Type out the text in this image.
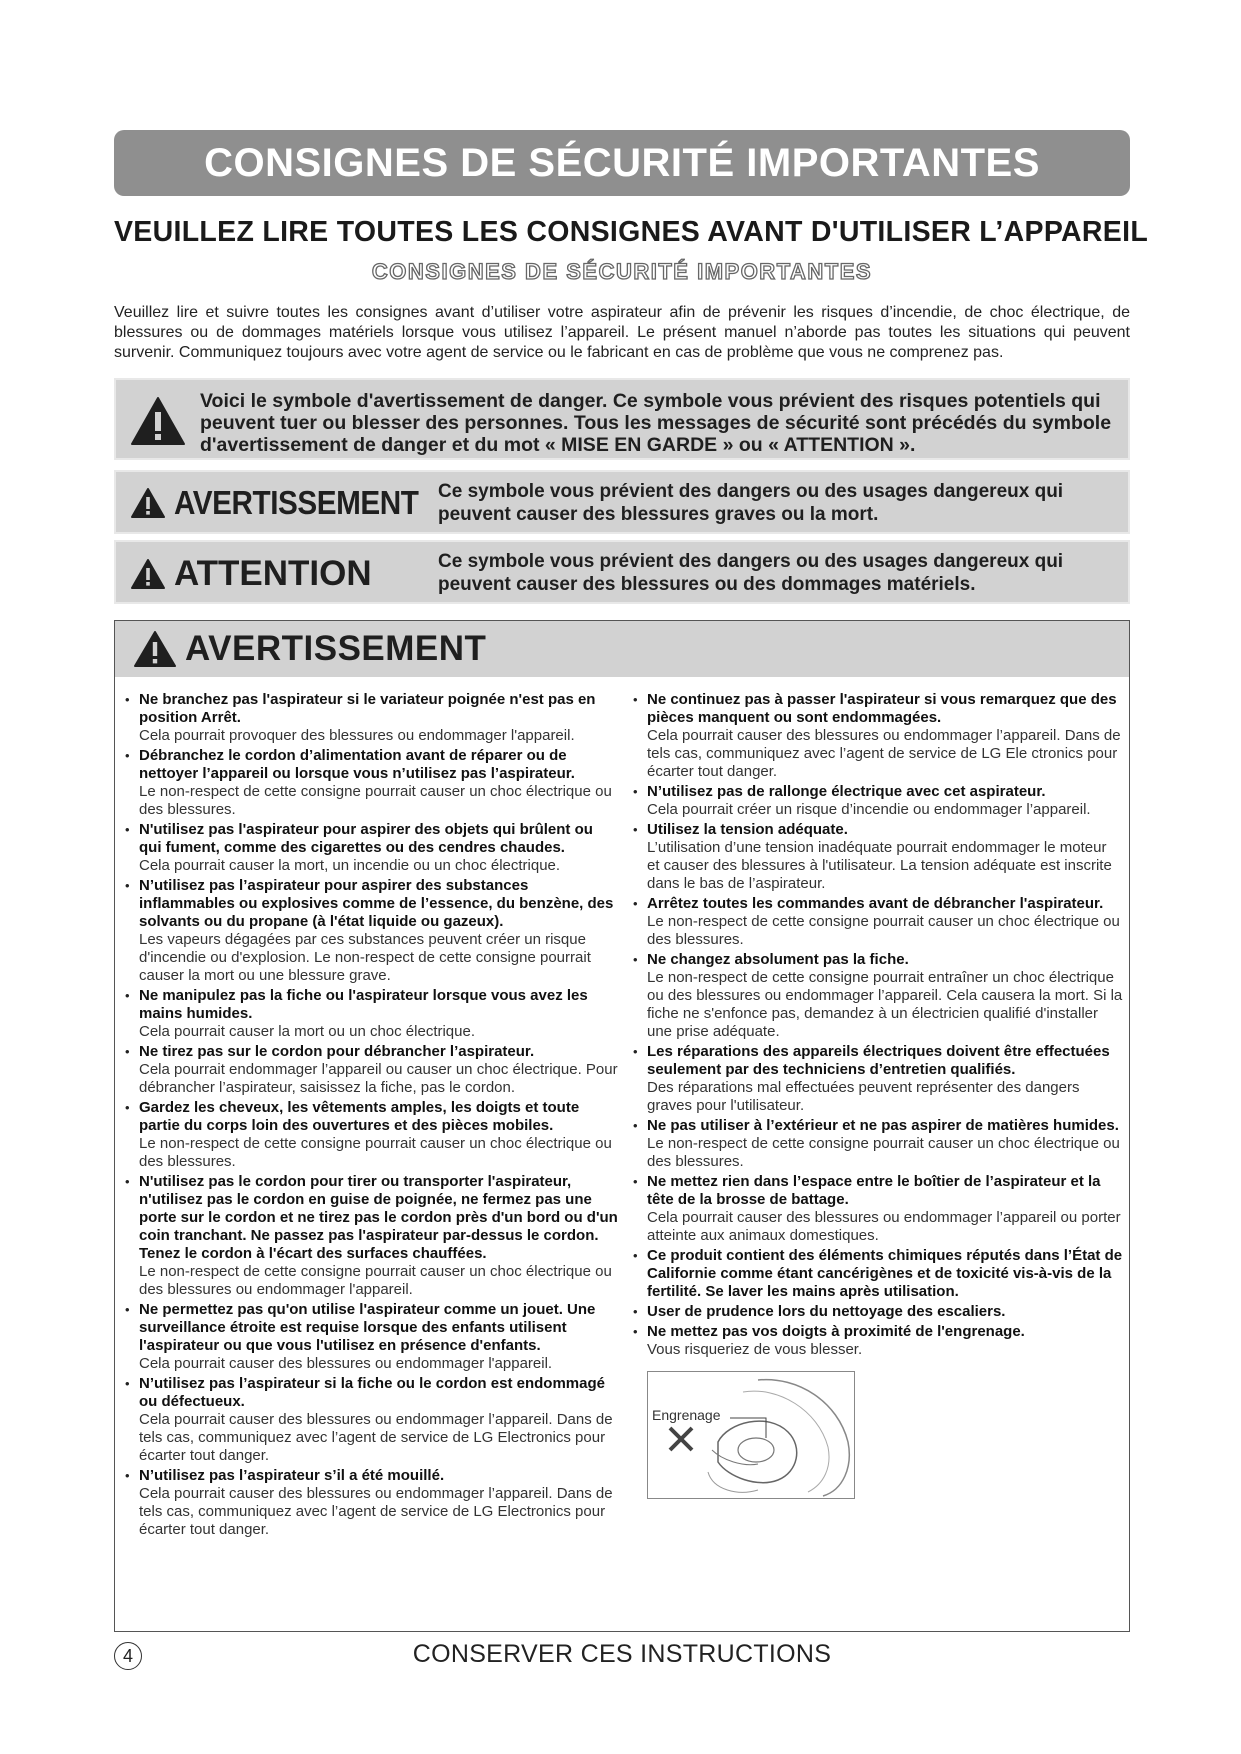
CONSIGNES DE SÉCURITÉ IMPORTANTES
VEUILLEZ LIRE TOUTES LES CONSIGNES AVANT D'UTILISER L’APPAREIL
CONSIGNES DE SÉCURITÉ IMPORTANTES
Veuillez lire et suivre toutes les consignes avant d’utiliser votre aspirateur afin de prévenir les risques d’incendie, de choc électrique, de blessures ou de dommages matériels lorsque vous utilisez l’appareil. Le présent manuel n’aborde pas toutes les situations qui peuvent survenir. Communiquez toujours avec votre agent de service ou le fabricant en cas de problème que vous ne comprenez pas.
Voici le symbole d'avertissement de danger. Ce symbole vous prévient des risques potentiels qui peuvent tuer ou blesser des personnes. Tous les messages de sécurité sont précédés du symbole d'avertissement de danger et du mot « MISE EN GARDE » ou « ATTENTION ».
AVERTISSEMENT Ce symbole vous prévient des dangers ou des usages dangereux qui peuvent causer des blessures graves ou la mort.
ATTENTION	Ce symbole vous prévient des dangers ou des usages dangereux qui peuvent causer des blessures ou des dommages matériels.
AVERTISSEMENT
• Ne branchez pas l'aspirateur si le variateur poignée n'est pas en position Arrêt.
Cela pourrait provoquer des blessures ou endommager l'appareil.
• Débranchez le cordon d’alimentation avant de réparer ou de nettoyer l’appareil ou lorsque vous n’utilisez pas l’aspirateur.
Le non-respect de cette consigne pourrait causer un choc électrique ou des blessures.
• N'utilisez pas l'aspirateur pour aspirer des objets qui brûlent ou qui fument, comme des cigarettes ou des cendres chaudes.
Cela pourrait causer la mort, un incendie ou un choc électrique.
• N’utilisez pas l’aspirateur pour aspirer des substances inflammables ou explosives comme de l’essence, du benzène, des solvants ou du propane (à l'état liquide ou gazeux).
Les vapeurs dégagées par ces substances peuvent créer un risque d'incendie ou d'explosion. Le non-respect de cette consigne pourrait causer la mort ou une blessure grave.
• Ne manipulez pas la fiche ou l'aspirateur lorsque vous avez les mains humides.
Cela pourrait causer la mort ou un choc électrique.
• Ne tirez pas sur le cordon pour débrancher l’aspirateur.
Cela pourrait endommager l’appareil ou causer un choc électrique. Pour débrancher l’aspirateur, saisissez la fiche, pas le cordon.
• Gardez les cheveux, les vêtements amples, les doigts et toute partie du corps loin des ouvertures et des pièces mobiles.
Le non-respect de cette consigne pourrait causer un choc électrique ou des blessures.
• N'utilisez pas le cordon pour tirer ou transporter l'aspirateur, n'utilisez pas le cordon en guise de poignée, ne fermez pas une porte sur le cordon et ne tirez pas le cordon près d'un bord ou d'un coin tranchant. Ne passez pas l'aspirateur par-dessus le cordon. Tenez le cordon à l'écart des surfaces chauffées.
Le non-respect de cette consigne pourrait causer un choc électrique ou des blessures ou endommager l'appareil.
• Ne permettez pas qu'on utilise l'aspirateur comme un jouet. Une surveillance étroite est requise lorsque des enfants utilisent l'aspirateur ou que vous l'utilisez en présence d'enfants.
Cela pourrait causer des blessures ou endommager l'appareil.
• N’utilisez pas l’aspirateur si la fiche ou le cordon est endommagé ou défectueux.
Cela pourrait causer des blessures ou endommager l’appareil. Dans de tels cas, communiquez avec l’agent de service de LG Electronics pour écarter tout danger.
• N’utilisez pas l’aspirateur s’il a été mouillé.
Cela pourrait causer des blessures ou endommager l’appareil. Dans de tels cas, communiquez avec l’agent de service de LG Electronics pour écarter tout danger.
• Ne continuez pas à passer l'aspirateur si vous remarquez que des pièces manquent ou sont endommagées.
Cela pourrait causer des blessures ou endommager l’appareil. Dans de tels cas, communiquez avec l’agent de service de LG Ele ctronics pour écarter tout danger.
• N’utilisez pas de rallonge électrique avec cet aspirateur.
Cela pourrait créer un risque d’incendie ou endommager l’appareil.
• Utilisez la tension adéquate.
L’utilisation d’une tension inadéquate pourrait endommager le moteur et causer des blessures à l'utilisateur. La tension adéquate est inscrite dans le bas de l’aspirateur.
• Arrêtez toutes les commandes avant de débrancher l'aspirateur.
Le non-respect de cette consigne pourrait causer un choc électrique ou des blessures.
• Ne changez absolument pas la fiche.
Le non-respect de cette consigne pourrait entraîner un choc électrique ou des blessures ou endommager l’appareil. Cela causera la mort. Si la fiche ne s'enfonce pas, demandez à un électricien qualifié d'installer une prise adéquate.
• Les réparations des appareils électriques doivent être effectuées seulement par des techniciens d’entretien qualifiés.
Des réparations mal effectuées peuvent représenter des dangers graves pour l'utilisateur.
• Ne pas utiliser à l’extérieur et ne pas aspirer de matières humides.
Le non-respect de cette consigne pourrait causer un choc électrique ou des blessures.
• Ne mettez rien dans l’espace entre le boîtier de l’aspirateur et la tête de la brosse de battage.
Cela pourrait causer des blessures ou endommager l’appareil ou porter atteinte aux animaux domestiques.
• Ce produit contient des éléments chimiques réputés dans l’État de Californie comme étant cancérigènes et de toxicité vis-à-vis de la fertilité. Se laver les mains après utilisation.
• User de prudence lors du nettoyage des escaliers.
• Ne mettez pas vos doigts à proximité de l'engrenage.
Vous risqueriez de vous blesser.
Engrenage
4	CONSERVER CES INSTRUCTIONS
